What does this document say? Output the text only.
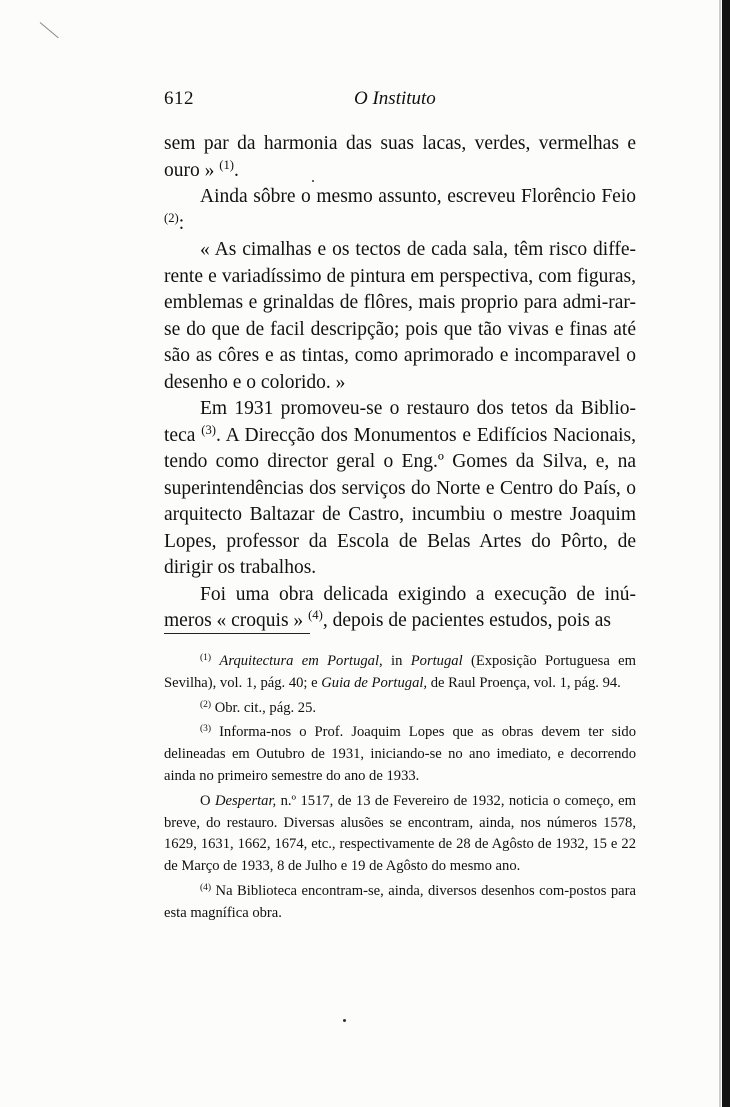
612	O Instituto

sem par da harmonia das suas lacas, verdes, vermelhas e ouro » $^{(1)}$.

Ainda sôbre o mesmo assunto, escreveu Florêncio Feio $^{(2)}$:

« As cimalhas e os tectos de cada sala, têm risco diffe-rente e variadíssimo de pintura em perspectiva, com figuras, emblemas e grinaldas de flôres, mais proprio para admi-rar-se do que de facil descripção; pois que tão vivas e finas até são as côres e as tintas, como aprimorado e incomparavel o desenho e o colorido. »

Em 1931 promoveu-se o restauro dos tetos da Biblio-teca $^{(3)}$. A Direcção dos Monumentos e Edifícios Nacionais, tendo como director geral o Eng.º Gomes da Silva, e, na superintendências dos serviços do Norte e Centro do País, o arquitecto Baltazar de Castro, incumbiu o mestre Joaquim Lopes, professor da Escola de Belas Artes do Pôrto, de dirigir os trabalhos.

Foi uma obra delicada exigindo a execução de inú-meros « croquis » $^{(4)}$, depois de pacientes estudos, pois as

$^{(1)}$ Arquitectura em Portugal, in Portugal (Exposição Portuguesa em Sevilha), vol. 1, pág. 40; e Guia de Portugal, de Raul Proença, vol. 1, pág. 94.

$^{(2)}$ Obr. cit., pág. 25.

$^{(3)}$ Informa-nos o Prof. Joaquim Lopes que as obras devem ter sido delineadas em Outubro de 1931, iniciando-se no ano imediato, e decorrendo ainda no primeiro semestre do ano de 1933.

O Despertar, n.º 1517, de 13 de Fevereiro de 1932, noticia o começo, em breve, do restauro. Diversas alusões se encontram, ainda, nos números 1578, 1629, 1631, 1662, 1674, etc., respectivamente de 28 de Agôsto de 1932, 15 e 22 de Março de 1933, 8 de Julho e 19 de Agôsto do mesmo ano.

$^{(4)}$ Na Biblioteca encontram-se, ainda, diversos desenhos com-postos para esta magnífica obra.
